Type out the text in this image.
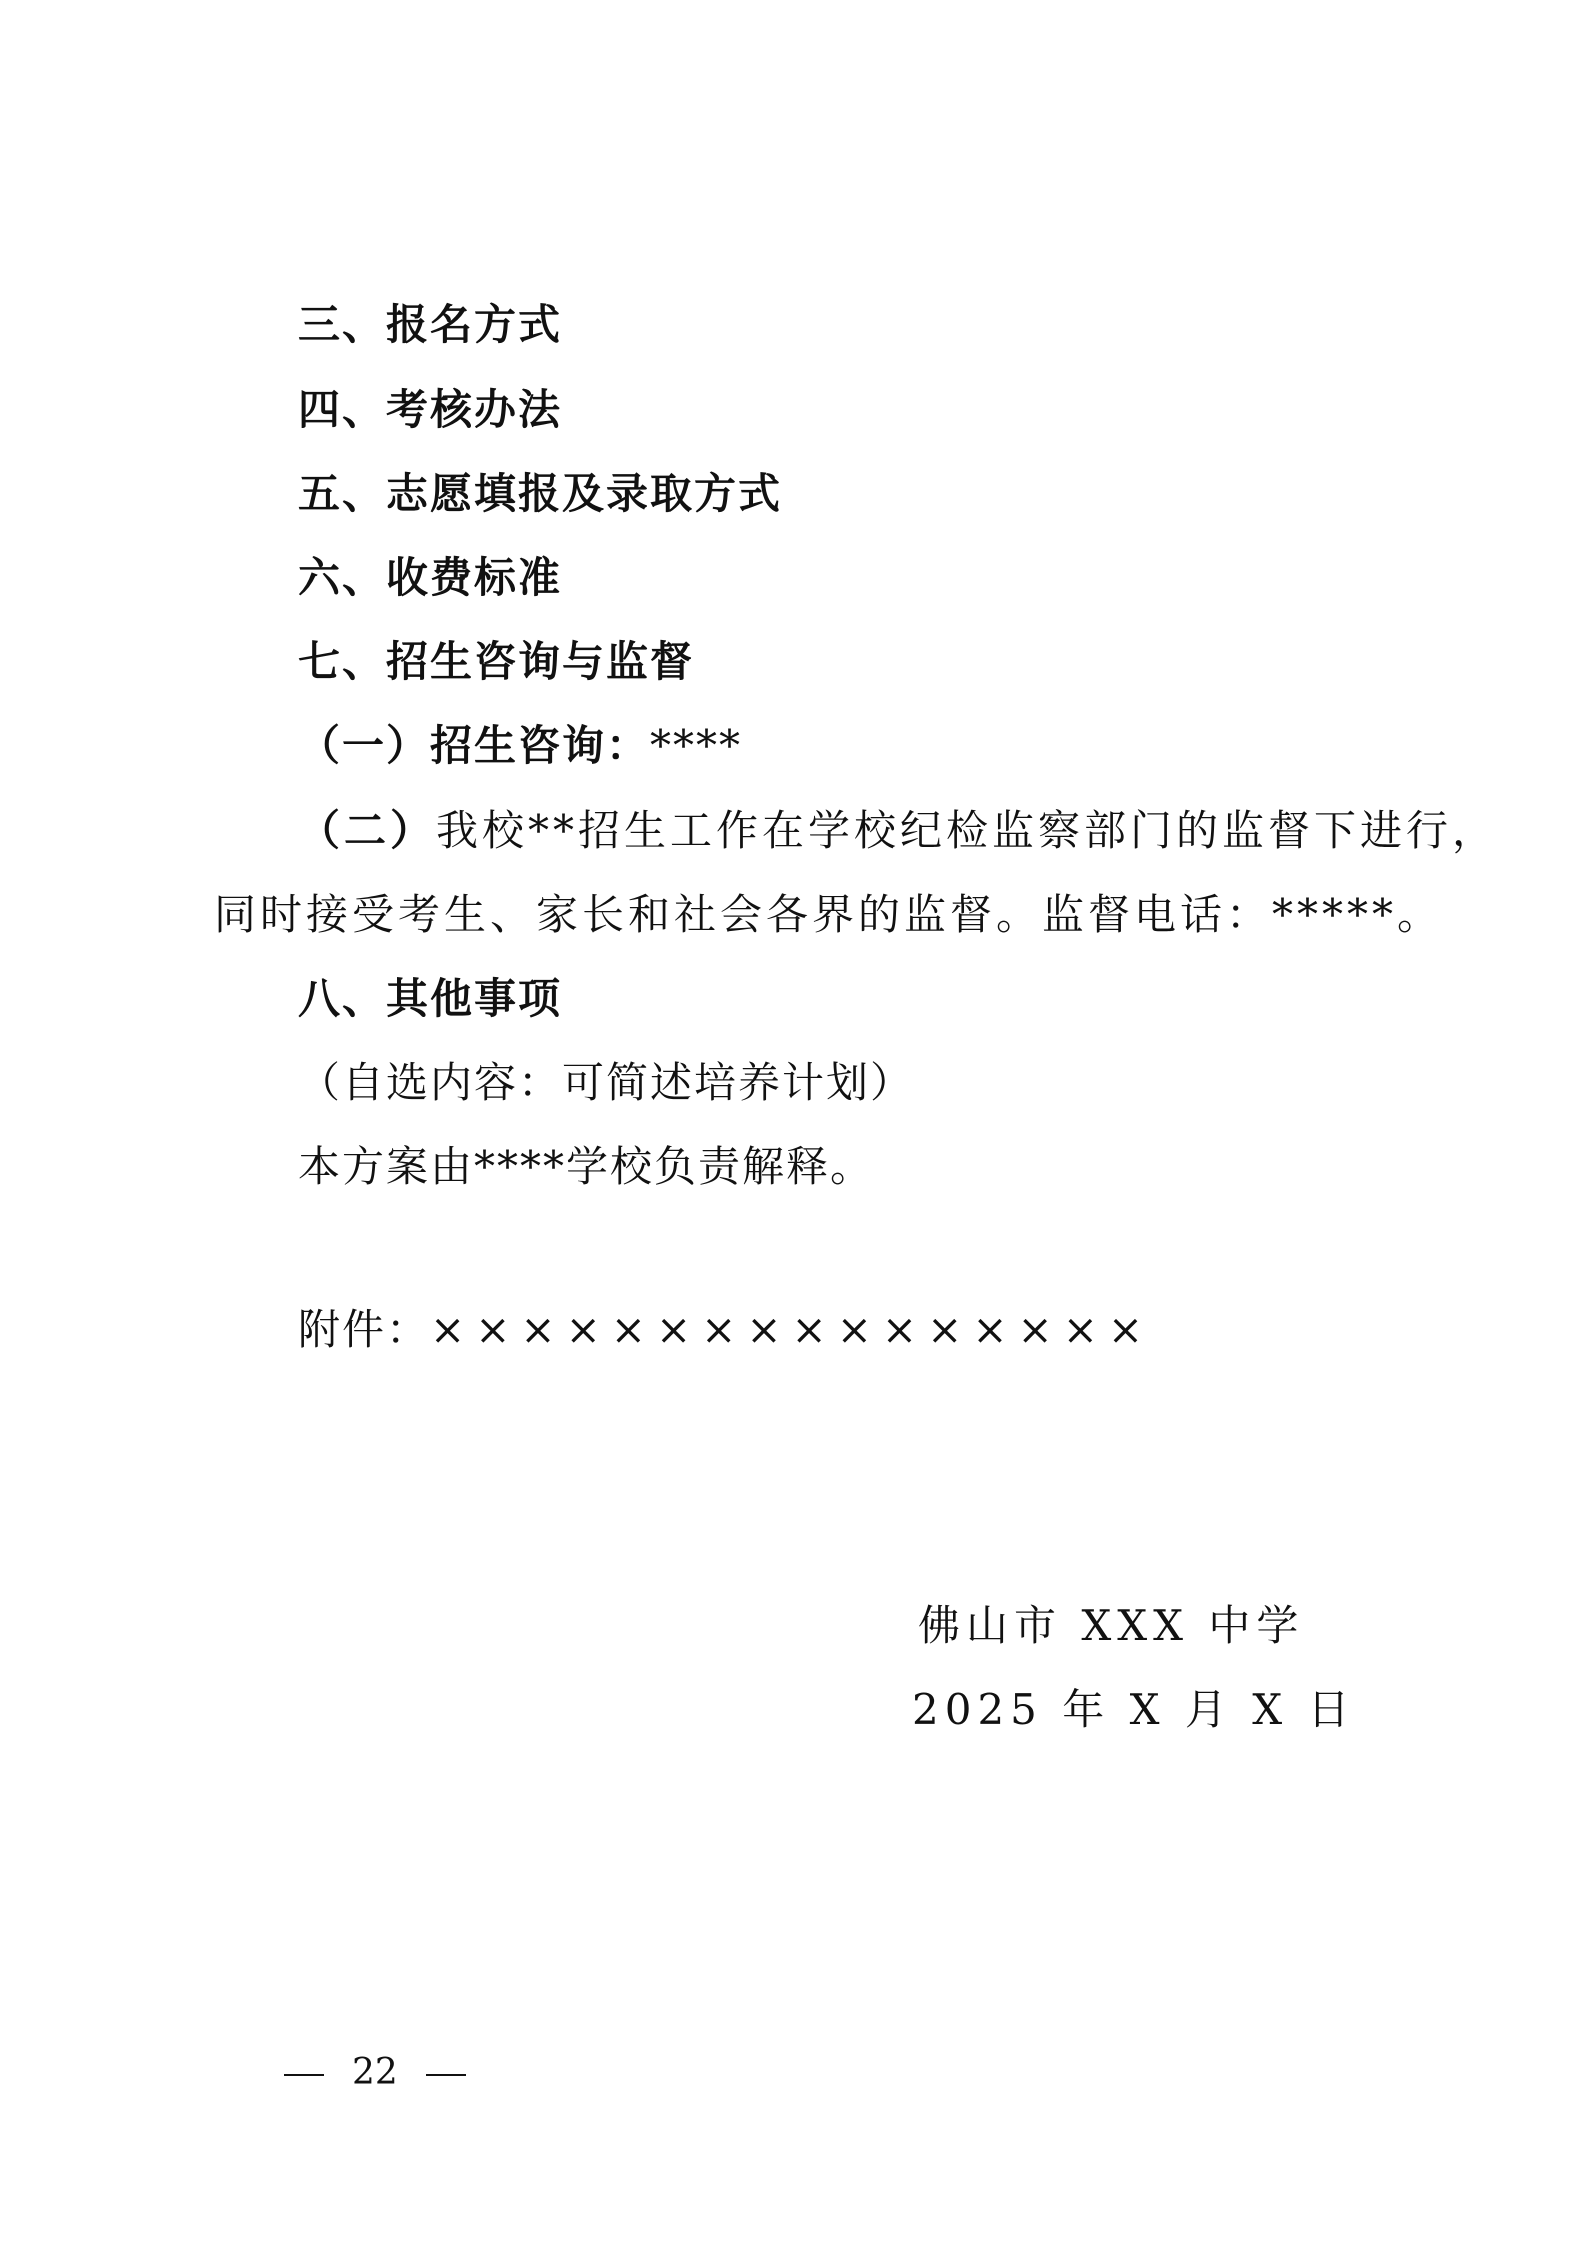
三、报名方式
四、考核办法
五、志愿填报及录取方式
六、收费标准
七、招生咨询与监督
（一）招生咨询：****
（二）我校**招生工作在学校纪检监察部门的监督下进行，
同时接受考生、家长和社会各界的监督。监督电话：*****。
八、其他事项
（自选内容：可简述培养计划）
本方案由****学校负责解释。
附件：××××××××××××××××
佛山市 XXX 中学
2025 年 X 月 X 日
22
